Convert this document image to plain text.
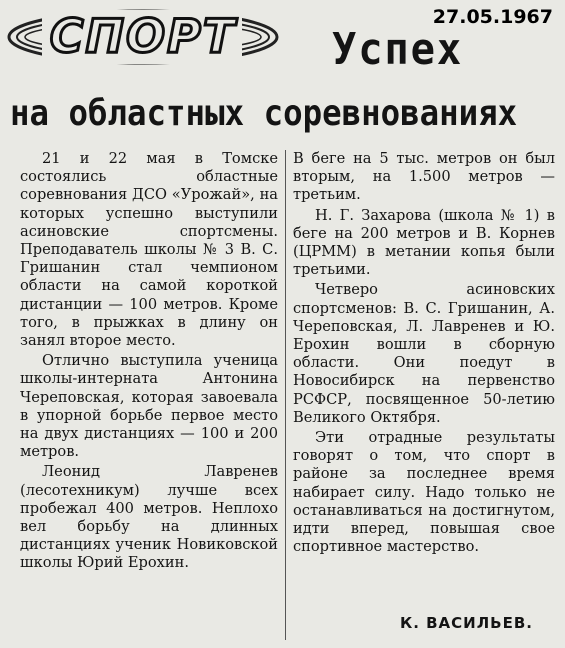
СПОРТ	27.05.1967
Успех
на областных соревнованиях

21 и 22 мая в Томске состоялись областные соревнования ДСО «Урожай», на которых успешно выступили асиновские спортсмены. Преподаватель школы № 3 В. С. Гришанин стал чемпионом области на самой короткой дистанции — 100 метров. Кроме того, в прыжках в длину он занял второе место.

Отлично выступила ученица школы-интерната Антонина Череповская, которая завоевала в упорной борьбе первое место на двух дистанциях — 100 и 200 метров.

Леонид Лавренев (лесотехникум) лучше всех пробежал 400 метров. Неплохо вел борьбу на длинных дистанциях ученик Новиковской школы Юрий Ерохин.

В беге на 5 тыс. метров он был вторым, на 1.500 метров — третьим.

Н. Г. Захарова (школа № 1) в беге на 200 метров и В. Корнев (ЦРММ) в метании копья были третьими.

Четверо асиновских спортсменов: В. С. Гришанин, А. Череповская, Л. Лавренев и Ю. Ерохин вошли в сборную области. Они поедут в Новосибирск на первенство РСФСР, посвященное 50-летию Великого Октября.

Эти отрадные результаты говорят о том, что спорт в районе за последнее время набирает силу. Надо только не останавливаться на достигнутом, идти вперед, повышая свое спортивное мастерство.

К. ВАСИЛЬЕВ.
